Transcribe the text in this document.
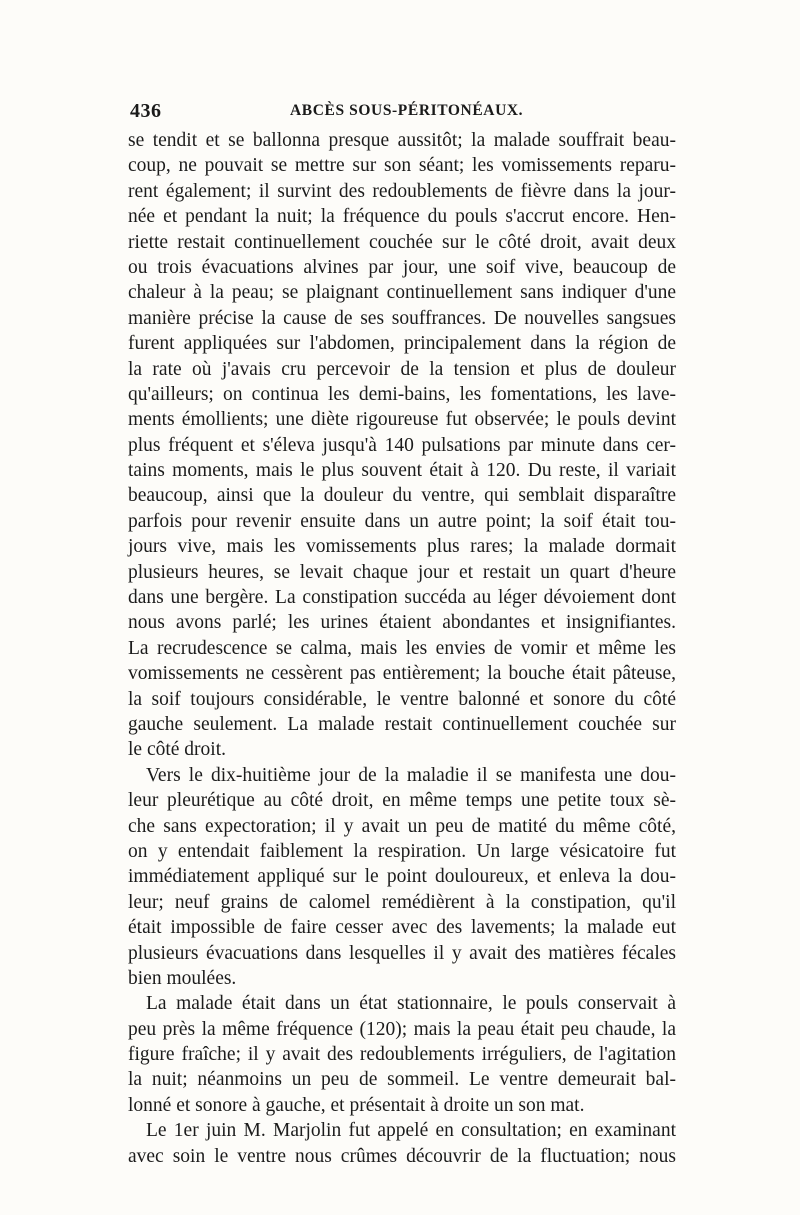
436	ABCÈS SOUS-PÉRITONÉAUX.
se tendit et se ballonna presque aussitôt; la malade souffrait beau-
coup, ne pouvait se mettre sur son séant; les vomissements reparu-
rent également; il survint des redoublements de fièvre dans la jour-
née et pendant la nuit; la fréquence du pouls s'accrut encore. Hen-
riette restait continuellement couchée sur le côté droit, avait deux
ou trois évacuations alvines par jour, une soif vive, beaucoup de
chaleur à la peau; se plaignant continuellement sans indiquer d'une
manière précise la cause de ses souffrances. De nouvelles sangsues
furent appliquées sur l'abdomen, principalement dans la région de
la rate où j'avais cru percevoir de la tension et plus de douleur
qu'ailleurs; on continua les demi-bains, les fomentations, les lave-
ments émollients; une diète rigoureuse fut observée; le pouls devint
plus fréquent et s'éleva jusqu'à 140 pulsations par minute dans cer-
tains moments, mais le plus souvent était à 120. Du reste, il variait
beaucoup, ainsi que la douleur du ventre, qui semblait disparaître
parfois pour revenir ensuite dans un autre point; la soif était tou-
jours vive, mais les vomissements plus rares; la malade dormait
plusieurs heures, se levait chaque jour et restait un quart d'heure
dans une bergère. La constipation succéda au léger dévoiement dont
nous avons parlé; les urines étaient abondantes et insignifiantes.
La recrudescence se calma, mais les envies de vomir et même les
vomissements ne cessèrent pas entièrement; la bouche était pâteuse,
la soif toujours considérable, le ventre balonné et sonore du côté
gauche seulement. La malade restait continuellement couchée sur
le côté droit.
Vers le dix-huitième jour de la maladie il se manifesta une dou-
leur pleurétique au côté droit, en même temps une petite toux sè-
che sans expectoration; il y avait un peu de matité du même côté,
on y entendait faiblement la respiration. Un large vésicatoire fut
immédiatement appliqué sur le point douloureux, et enleva la dou-
leur; neuf grains de calomel remédièrent à la constipation, qu'il
était impossible de faire cesser avec des lavements; la malade eut
plusieurs évacuations dans lesquelles il y avait des matières fécales
bien moulées.
La malade était dans un état stationnaire, le pouls conservait à
peu près la même fréquence (120); mais la peau était peu chaude, la
figure fraîche; il y avait des redoublements irréguliers, de l'agitation
la nuit; néanmoins un peu de sommeil. Le ventre demeurait bal-
lonné et sonore à gauche, et présentait à droite un son mat.
Le 1er juin M. Marjolin fut appelé en consultation; en examinant
avec soin le ventre nous crûmes découvrir de la fluctuation; nous
